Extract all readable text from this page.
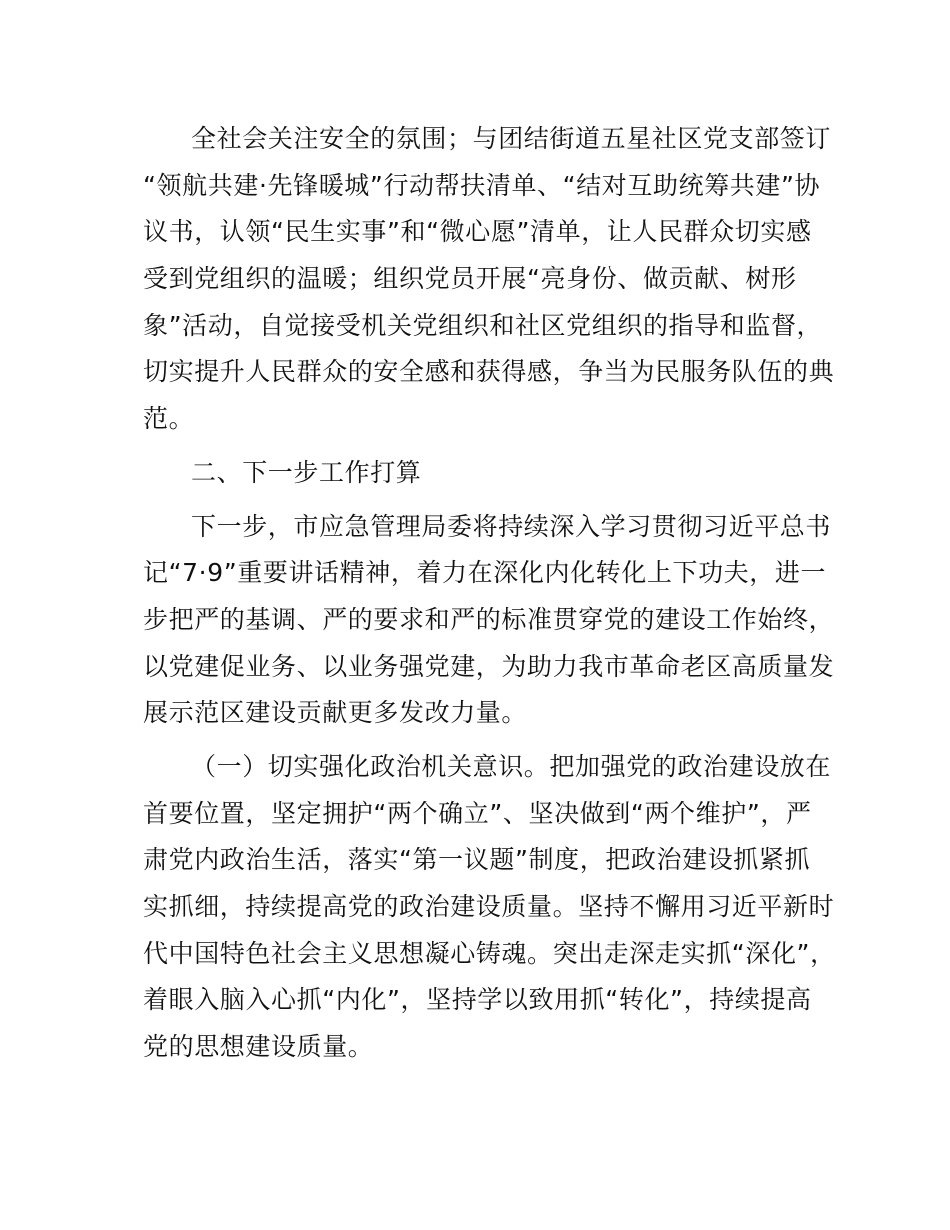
全社会关注安全的氛围；与团结街道五星社区党支部签订
“领航共建·先锋暖城”行动帮扶清单、“结对互助统筹共建”协
议书，认领“民生实事”和“微心愿”清单，让人民群众切实感
受到党组织的温暖；组织党员开展“亮身份、做贡献、树形
象”活动，自觉接受机关党组织和社区党组织的指导和监督，
切实提升人民群众的安全感和获得感，争当为民服务队伍的典
范。
二、下一步工作打算
下一步，市应急管理局委将持续深入学习贯彻习近平总书
记“7·9”重要讲话精神，着力在深化内化转化上下功夫，进一
步把严的基调、严的要求和严的标准贯穿党的建设工作始终，
以党建促业务、以业务强党建，为助力我市革命老区高质量发
展示范区建设贡献更多发改力量。
（一）切实强化政治机关意识。把加强党的政治建设放在
首要位置，坚定拥护“两个确立”、坚决做到“两个维护”，严
肃党内政治生活，落实“第一议题”制度，把政治建设抓紧抓
实抓细，持续提高党的政治建设质量。坚持不懈用习近平新时
代中国特色社会主义思想凝心铸魂。突出走深走实抓“深化”，
着眼入脑入心抓“内化”，坚持学以致用抓“转化”，持续提高
党的思想建设质量。
